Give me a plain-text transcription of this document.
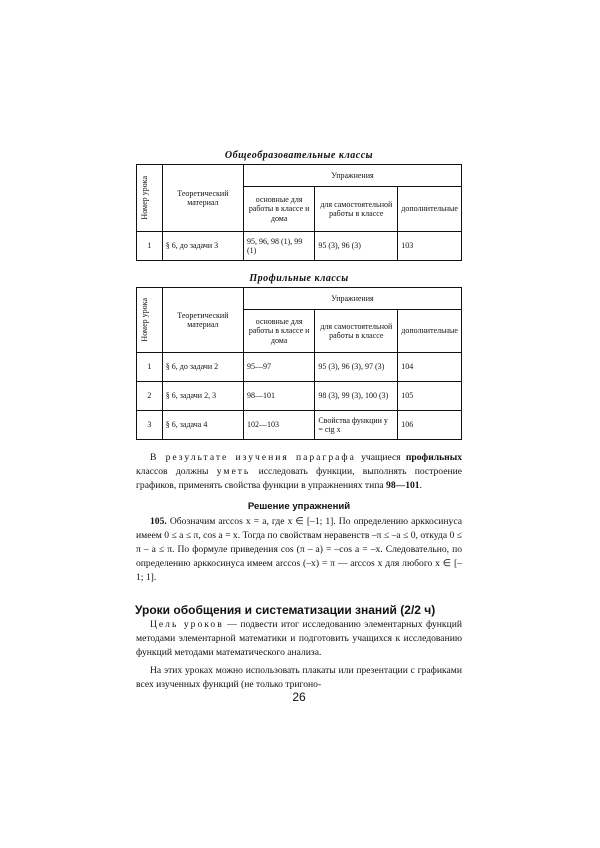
Общеобразовательные классы
Номер урока	Теоретический материал	Упражнения		
		основные для работы в классе и дома	для самостоятельной работы в классе	дополнительные
1	§ 6, до задачи 3	95, 96, 98 (1), 99 (1)	95 (3), 96 (3)	103
Профильные классы
Номер урока	Теоретический материал	Упражнения		
		основные для работы в классе и дома	для самостоятельной работы в классе	дополнительные
1	§ 6, до задачи 2	95—97	95 (3), 96 (3), 97 (3)	104
2	§ 6, задачи 2, 3	98—101	98 (3), 99 (3), 100 (3)	105
3	§ 6, задача 4	102—103	Свойства функции y = ctg x	106

В результате изучения параграфа учащиеся профильных классов должны уметь исследовать функции, выполнять построение графиков, применять свойства функции в упражнениях типа 98—101.

Решение упражнений

105. Обозначим arccos x = a, где x ∈ [–1; 1]. По определению арккосинуса имеем 0 ≤ a ≤ π, cos a = x. Тогда по свойствам неравенств –π ≤ –a ≤ 0, откуда 0 ≤ π – a ≤ π. По формуле приведения cos (π – a) = –cos a = –x. Следовательно, по определению арккосинуса имеем arccos (–x) = π — arccos x для любого x ∈ [–1; 1].

Уроки обобщения и систематизации знаний (2/2 ч)

Цель уроков — подвести итог исследованию элементарных функций методами элементарной математики и подготовить учащихся к исследованию функций методами математического анализа.

На этих уроках можно использовать плакаты или презентации с графиками всех изученных функций (не только тригоно-

26
